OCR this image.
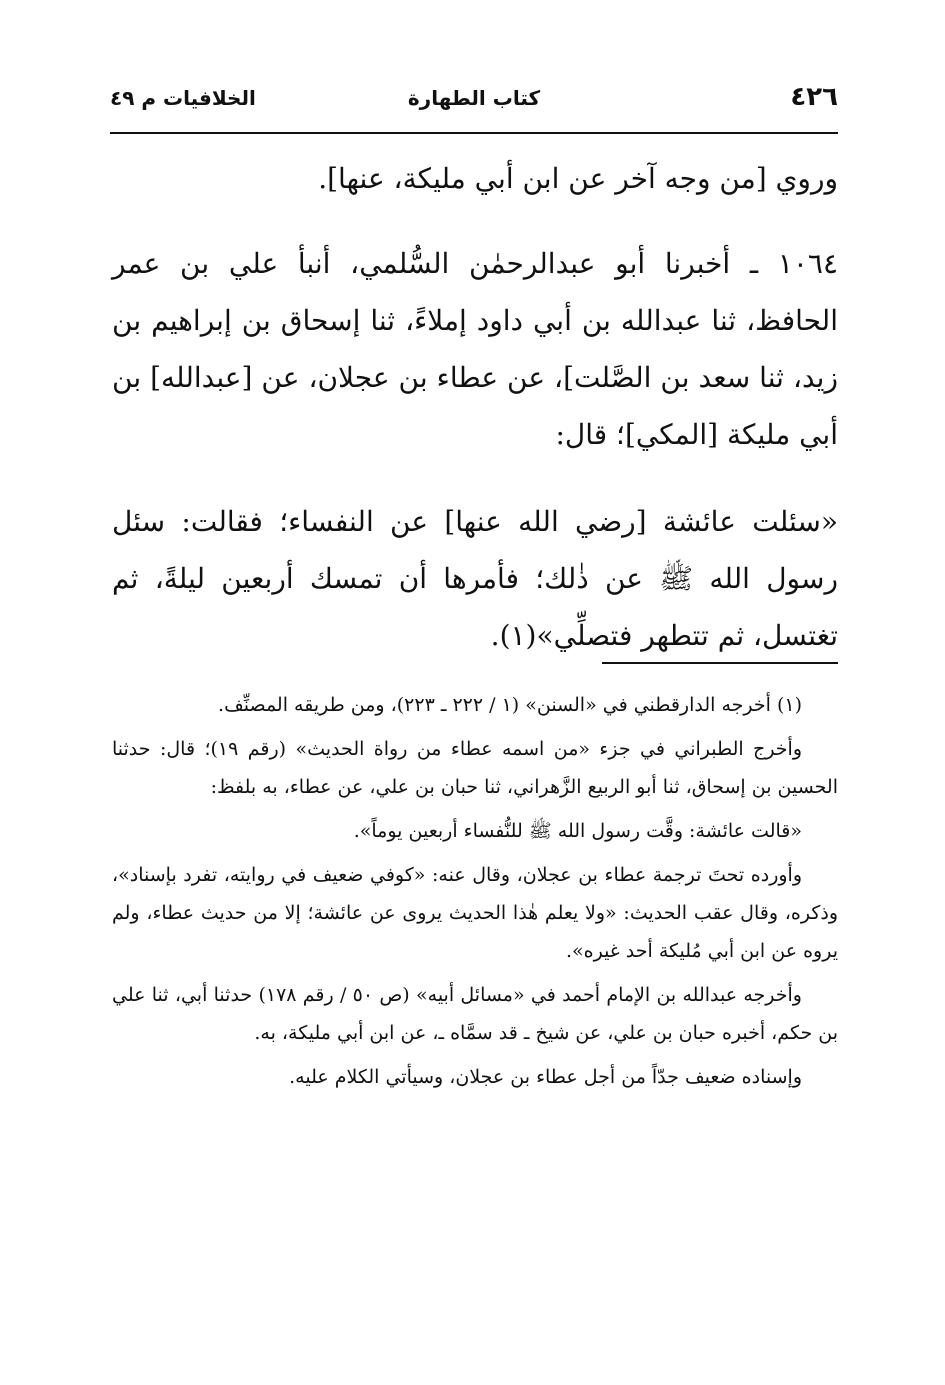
٤٢٦
كتاب الطهارة
الخلافيات م ٤٩

وروي [من وجه آخر عن ابن أبي مليكة، عنها].

١٠٦٤ ـ أخبرنا أبو عبدالرحمٰن السُّلمي، أنبأ علي بن عمر الحافظ، ثنا عبدالله بن أبي داود إملاءً، ثنا إسحاق بن إبراهيم بن زيد، ثنا سعد بن الصَّلت]، عن عطاء بن عجلان، عن [عبدالله] بن أبي مليكة [المكي]؛ قال:

«سئلت عائشة [رضي الله عنها] عن النفساء؛ فقالت: سئل رسول الله ﷺ عن ذٰلك؛ فأمرها أن تمسك أربعين ليلةً، ثم تغتسل، ثم تتطهر فتصلِّي»(١).

(١) أخرجه الدارقطني في «السنن» (١ / ٢٢٢ ـ ٢٢٣)، ومن طريقه المصنِّف.

وأخرج الطبراني في جزء «من اسمه عطاء من رواة الحديث» (رقم ١٩)؛ قال: حدثنا الحسين بن إسحاق، ثنا أبو الربيع الزَّهراني، ثنا حبان بن علي، عن عطاء، به بلفظ:

«قالت عائشة: وقَّت رسول الله ﷺ للنُّفساء أربعين يوماً».

وأورده تحتَ ترجمة عطاء بن عجلان، وقال عنه: «كوفي ضعيف في روايته، تفرد بإسناد»، وذكره، وقال عقب الحديث: «ولا يعلم هٰذا الحديث يروى عن عائشة؛ إلا من حديث عطاء، ولم يروه عن ابن أبي مُليكة أحد غيره».

وأخرجه عبدالله بن الإمام أحمد في «مسائل أبيه» (ص ٥٠ / رقم ١٧٨) حدثنا أبي، ثنا علي بن حكم، أخبره حبان بن علي، عن شيخ ـ قد سمَّاه ـ، عن ابن أبي مليكة، به.

وإسناده ضعيف جدّاً من أجل عطاء بن عجلان، وسيأتي الكلام عليه.
